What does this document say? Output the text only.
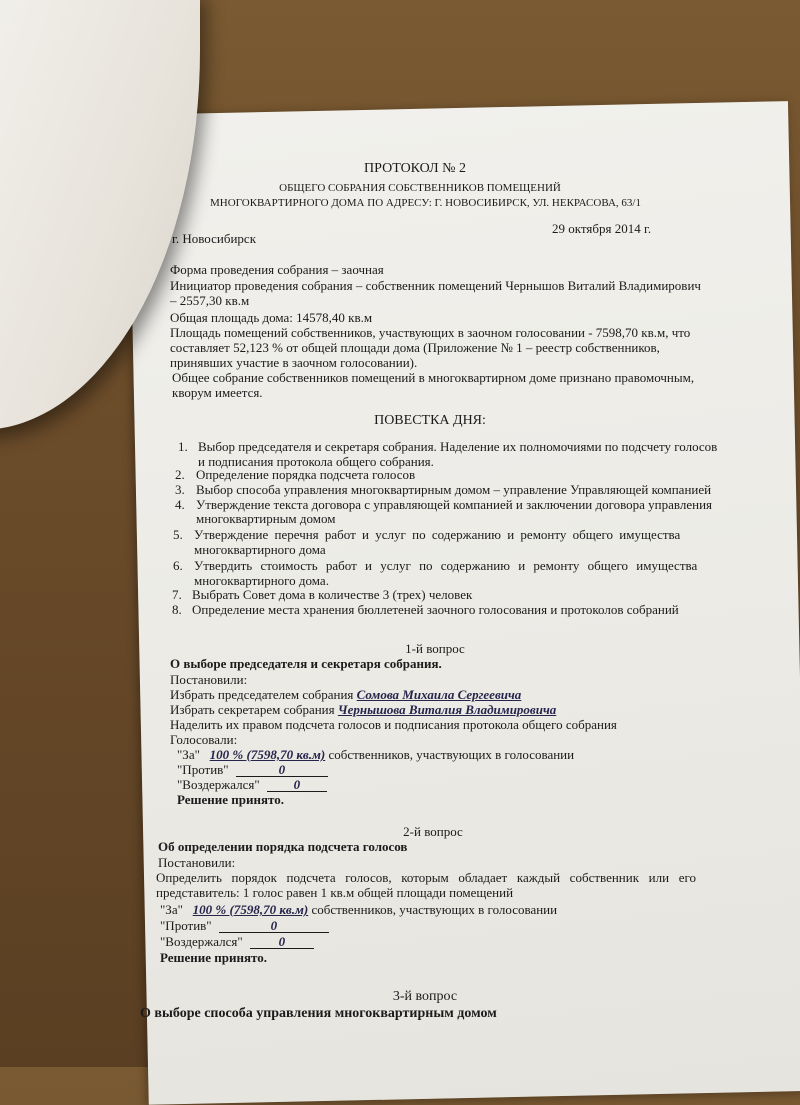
ПРОТОКОЛ № 2
ОБЩЕГО СОБРАНИЯ СОБСТВЕННИКОВ ПОМЕЩЕНИЙ
МНОГОКВАРТИРНОГО ДОМА ПО АДРЕСУ: Г. НОВОСИБИРСК, УЛ. НЕКРАСОВА, 63/1
29 октября 2014 г.
г. Новосибирск
Форма проведения собрания – заочная
Инициатор проведения собрания – собственник помещений Чернышов Виталий Владимирович
– 2557,30 кв.м
Общая площадь дома: 14578,40 кв.м
Площадь помещений собственников, участвующих в заочном голосовании - 7598,70 кв.м, что
составляет 52,123 % от общей площади дома (Приложение № 1 – реестр собственников,
принявших участие в заочном голосовании).
Общее собрание собственников помещений в многоквартирном доме признано правомочным,
кворум имеется.
ПОВЕСТКА ДНЯ:
1. Выбор председателя и секретаря собрания. Наделение их полномочиями по подсчету голосов
и подписания протокола общего собрания.
2. Определение порядка подсчета голосов
3. Выбор способа управления многоквартирным домом – управление Управляющей компанией
4. Утверждение текста договора с управляющей компанией и заключении договора управления
многоквартирным домом
5. Утверждение перечня работ и услуг по содержанию и ремонту общего имущества
многоквартирного дома
6. Утвердить стоимость работ и услуг по содержанию и ремонту общего имущества
многоквартирного дома.
7. Выбрать Совет дома в количестве 3 (трех) человек
8. Определение места хранения бюллетеней заочного голосования и протоколов собраний
1-й вопрос
О выборе председателя и секретаря собрания.
Постановили:
Избрать председателем собрания Сомова Михаила Сергеевича
Избрать секретарем собрания Чернышова Виталия Владимировича
Наделить их правом подсчета голосов и подписания протокола общего собрания
Голосовали:
"За" 100 % (7598,70 кв.м) собственников, участвующих в голосовании
"Против"	0
"Воздержался"	0
Решение принято.
2-й вопрос
Об определении порядка подсчета голосов
Постановили:
Определить порядок подсчета голосов, которым обладает каждый собственник или его
представитель: 1 голос равен 1 кв.м общей площади помещений
"За" 100 % (7598,70 кв.м) собственников, участвующих в голосовании
"Против"	0
"Воздержался"	0
Решение принято.
3-й вопрос
О выборе способа управления многоквартирным домом
